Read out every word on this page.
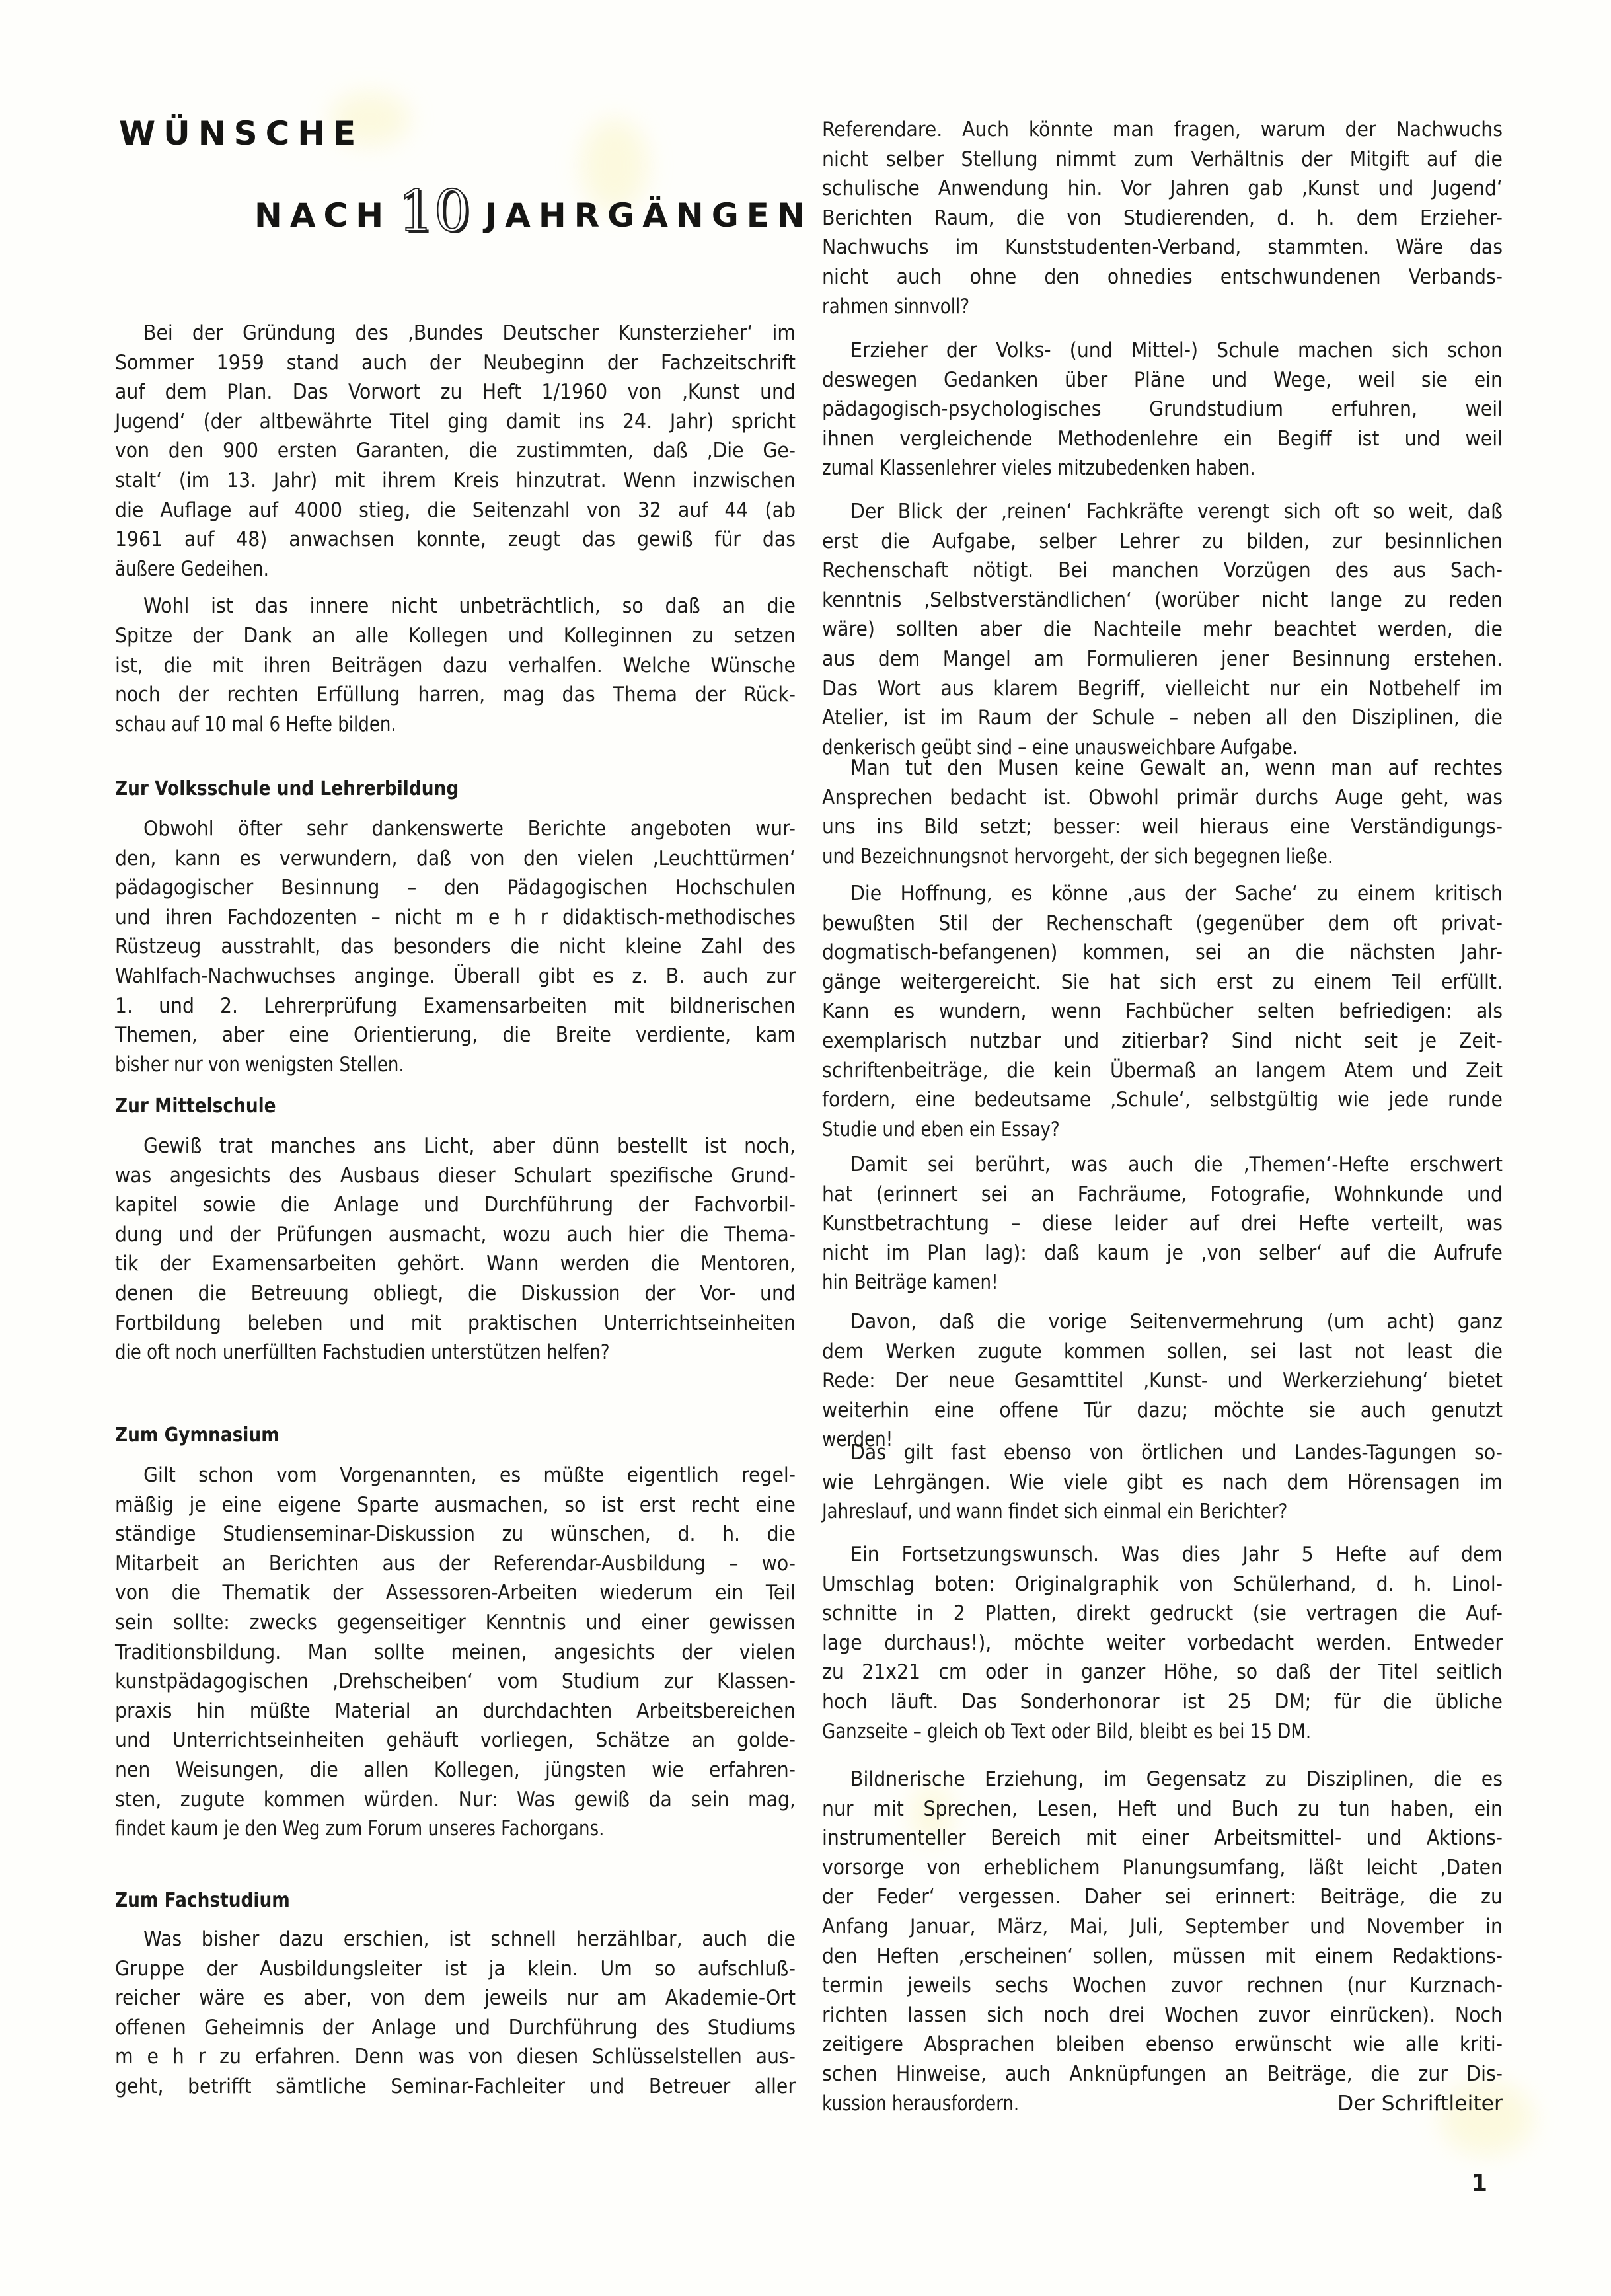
WÜNSCHE
NACH 10 JAHRGÄNGEN
Bei der Gründung des ‚Bundes Deutscher Kunsterzieher‘ im
Sommer 1959 stand auch der Neubeginn der Fachzeitschrift
auf dem Plan. Das Vorwort zu Heft 1/1960 von ‚Kunst und
Jugend‘ (der altbewährte Titel ging damit ins 24. Jahr) spricht
von den 900 ersten Garanten, die zustimmten, daß ‚Die Ge-
stalt‘ (im 13. Jahr) mit ihrem Kreis hinzutrat. Wenn inzwischen
die Auflage auf 4000 stieg, die Seitenzahl von 32 auf 44 (ab
1961 auf 48) anwachsen konnte, zeugt das gewiß für das
äußere Gedeihen.
Wohl ist das innere nicht unbeträchtlich, so daß an die
Spitze der Dank an alle Kollegen und Kolleginnen zu setzen
ist, die mit ihren Beiträgen dazu verhalfen. Welche Wünsche
noch der rechten Erfüllung harren, mag das Thema der Rück-
schau auf 10 mal 6 Hefte bilden.
Zur Volksschule und Lehrerbildung
Obwohl öfter sehr dankenswerte Berichte angeboten wur-
den, kann es verwundern, daß von den vielen ‚Leuchttürmen‘
pädagogischer Besinnung – den Pädagogischen Hochschulen
und ihren Fachdozenten – nicht m e h r didaktisch-methodisches
Rüstzeug ausstrahlt, das besonders die nicht kleine Zahl des
Wahlfach-Nachwuchses anginge. Überall gibt es z. B. auch zur
1. und 2. Lehrerprüfung Examensarbeiten mit bildnerischen
Themen, aber eine Orientierung, die Breite verdiente, kam
bisher nur von wenigsten Stellen.
Zur Mittelschule
Gewiß trat manches ans Licht, aber dünn bestellt ist noch,
was angesichts des Ausbaus dieser Schulart spezifische Grund-
kapitel sowie die Anlage und Durchführung der Fachvorbil-
dung und der Prüfungen ausmacht, wozu auch hier die Thema-
tik der Examensarbeiten gehört. Wann werden die Mentoren,
denen die Betreuung obliegt, die Diskussion der Vor- und
Fortbildung beleben und mit praktischen Unterrichtseinheiten
die oft noch unerfüllten Fachstudien unterstützen helfen?
Zum Gymnasium
Gilt schon vom Vorgenannten, es müßte eigentlich regel-
mäßig je eine eigene Sparte ausmachen, so ist erst recht eine
ständige Studienseminar-Diskussion zu wünschen, d. h. die
Mitarbeit an Berichten aus der Referendar-Ausbildung – wo-
von die Thematik der Assessoren-Arbeiten wiederum ein Teil
sein sollte: zwecks gegenseitiger Kenntnis und einer gewissen
Traditionsbildung. Man sollte meinen, angesichts der vielen
kunstpädagogischen ‚Drehscheiben‘ vom Studium zur Klassen-
praxis hin müßte Material an durchdachten Arbeitsbereichen
und Unterrichtseinheiten gehäuft vorliegen, Schätze an golde-
nen Weisungen, die allen Kollegen, jüngsten wie erfahren-
sten, zugute kommen würden. Nur: Was gewiß da sein mag,
findet kaum je den Weg zum Forum unseres Fachorgans.
Zum Fachstudium
Was bisher dazu erschien, ist schnell herzählbar, auch die
Gruppe der Ausbildungsleiter ist ja klein. Um so aufschluß-
reicher wäre es aber, von dem jeweils nur am Akademie-Ort
offenen Geheimnis der Anlage und Durchführung des Studiums
m e h r zu erfahren. Denn was von diesen Schlüsselstellen aus-
geht, betrifft sämtliche Seminar-Fachleiter und Betreuer aller
Referendare. Auch könnte man fragen, warum der Nachwuchs
nicht selber Stellung nimmt zum Verhältnis der Mitgift auf die
schulische Anwendung hin. Vor Jahren gab ‚Kunst und Jugend‘
Berichten Raum, die von Studierenden, d. h. dem Erzieher-
Nachwuchs im Kunststudenten-Verband, stammten. Wäre das
nicht auch ohne den ohnedies entschwundenen Verbands-
rahmen sinnvoll?
Erzieher der Volks- (und Mittel-) Schule machen sich schon
deswegen Gedanken über Pläne und Wege, weil sie ein
pädagogisch-psychologisches Grundstudium erfuhren, weil
ihnen vergleichende Methodenlehre ein Begiff ist und weil
zumal Klassenlehrer vieles mitzubedenken haben.
Der Blick der ‚reinen‘ Fachkräfte verengt sich oft so weit, daß
erst die Aufgabe, selber Lehrer zu bilden, zur besinnlichen
Rechenschaft nötigt. Bei manchen Vorzügen des aus Sach-
kenntnis ‚Selbstverständlichen‘ (worüber nicht lange zu reden
wäre) sollten aber die Nachteile mehr beachtet werden, die
aus dem Mangel am Formulieren jener Besinnung erstehen.
Das Wort aus klarem Begriff, vielleicht nur ein Notbehelf im
Atelier, ist im Raum der Schule – neben all den Disziplinen, die
denkerisch geübt sind – eine unausweichbare Aufgabe.
Man tut den Musen keine Gewalt an, wenn man auf rechtes
Ansprechen bedacht ist. Obwohl primär durchs Auge geht, was
uns ins Bild setzt; besser: weil hieraus eine Verständigungs-
und Bezeichnungsnot hervorgeht, der sich begegnen ließe.
Die Hoffnung, es könne ‚aus der Sache‘ zu einem kritisch
bewußten Stil der Rechenschaft (gegenüber dem oft privat-
dogmatisch-befangenen) kommen, sei an die nächsten Jahr-
gänge weitergereicht. Sie hat sich erst zu einem Teil erfüllt.
Kann es wundern, wenn Fachbücher selten befriedigen: als
exemplarisch nutzbar und zitierbar? Sind nicht seit je Zeit-
schriftenbeiträge, die kein Übermaß an langem Atem und Zeit
fordern, eine bedeutsame ‚Schule‘, selbstgültig wie jede runde
Studie und eben ein Essay?
Damit sei berührt, was auch die ‚Themen‘-Hefte erschwert
hat (erinnert sei an Fachräume, Fotografie, Wohnkunde und
Kunstbetrachtung – diese leider auf drei Hefte verteilt, was
nicht im Plan lag): daß kaum je ‚von selber‘ auf die Aufrufe
hin Beiträge kamen!
Davon, daß die vorige Seitenvermehrung (um acht) ganz
dem Werken zugute kommen sollen, sei last not least die
Rede: Der neue Gesamttitel ‚Kunst- und Werkerziehung‘ bietet
weiterhin eine offene Tür dazu; möchte sie auch genutzt
werden!
Das gilt fast ebenso von örtlichen und Landes-Tagungen so-
wie Lehrgängen. Wie viele gibt es nach dem Hörensagen im
Jahreslauf, und wann findet sich einmal ein Berichter?
Ein Fortsetzungswunsch. Was dies Jahr 5 Hefte auf dem
Umschlag boten: Originalgraphik von Schülerhand, d. h. Linol-
schnitte in 2 Platten, direkt gedruckt (sie vertragen die Auf-
lage durchaus!), möchte weiter vorbedacht werden. Entweder
zu 21x21 cm oder in ganzer Höhe, so daß der Titel seitlich
hoch läuft. Das Sonderhonorar ist 25 DM; für die übliche
Ganzseite – gleich ob Text oder Bild, bleibt es bei 15 DM.
Bildnerische Erziehung, im Gegensatz zu Disziplinen, die es
nur mit Sprechen, Lesen, Heft und Buch zu tun haben, ein
instrumenteller Bereich mit einer Arbeitsmittel- und Aktions-
vorsorge von erheblichem Planungsumfang, läßt leicht ‚Daten
der Feder‘ vergessen. Daher sei erinnert: Beiträge, die zu
Anfang Januar, März, Mai, Juli, September und November in
den Heften ‚erscheinen‘ sollen, müssen mit einem Redaktions-
termin jeweils sechs Wochen zuvor rechnen (nur Kurznach-
richten lassen sich noch drei Wochen zuvor einrücken). Noch
zeitigere Absprachen bleiben ebenso erwünscht wie alle kriti-
schen Hinweise, auch Anknüpfungen an Beiträge, die zur Dis-
kussion herausfordern.	Der Schriftleiter
1
